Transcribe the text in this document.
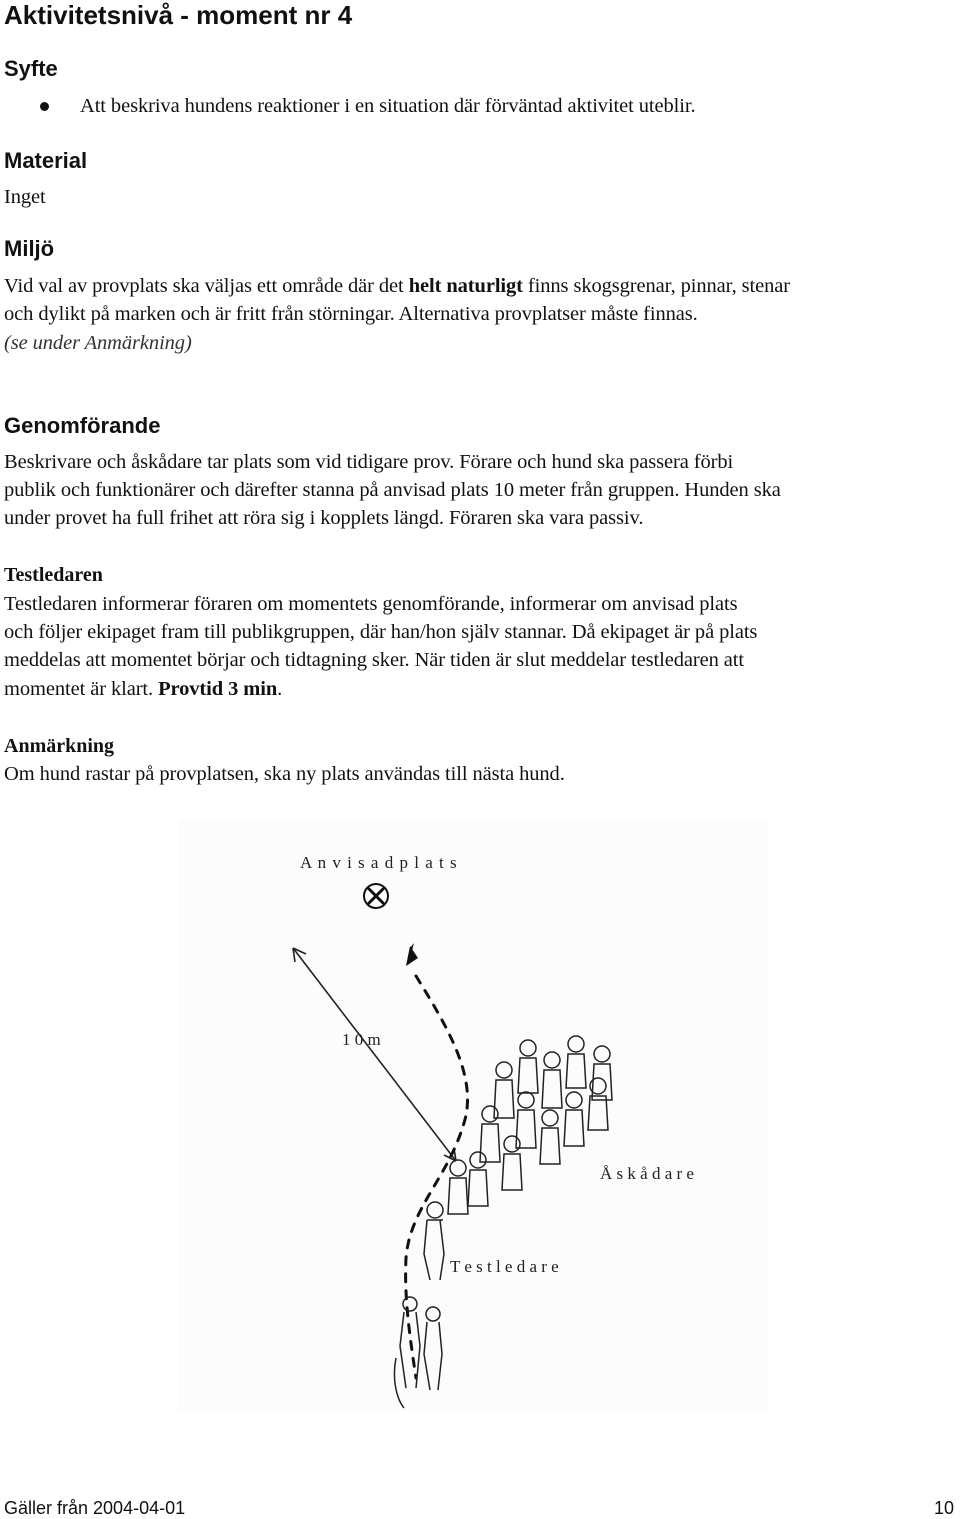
Aktivitetsnivå - moment nr 4
Syfte
Att beskriva hundens reaktioner i en situation där förväntad aktivitet uteblir.
Material
Inget
Miljö
Vid val av provplats ska väljas ett område där det helt naturligt finns skogsgrenar, pinnar, stenar
och dylikt på marken och är fritt från störningar. Alternativa provplatser måste finnas.
(se under Anmärkning)
Genomförande
Beskrivare och åskådare tar plats som vid tidigare prov. Förare och hund ska passera förbi
publik och funktionärer och därefter stanna på anvisad plats 10 meter från gruppen. Hunden ska
under provet ha full frihet att röra sig i kopplets längd. Föraren ska vara passiv.
Testledaren
Testledaren informerar föraren om momentets genomförande, informerar om anvisad plats
och följer ekipaget fram till publikgruppen, där han/hon själv stannar. Då ekipaget är på plats
meddelas att momentet börjar och tidtagning sker. När tiden är slut meddelar testledaren att
momentet är klart. Provtid 3 min.
Anmärkning
Om hund rastar på provplatsen, ska ny plats användas till nästa hund.
A n v i s a d p l a t s
1 0 m
Å s k å d a r e
T e s t l e d a r e
Gäller från 2004-04-01	10
